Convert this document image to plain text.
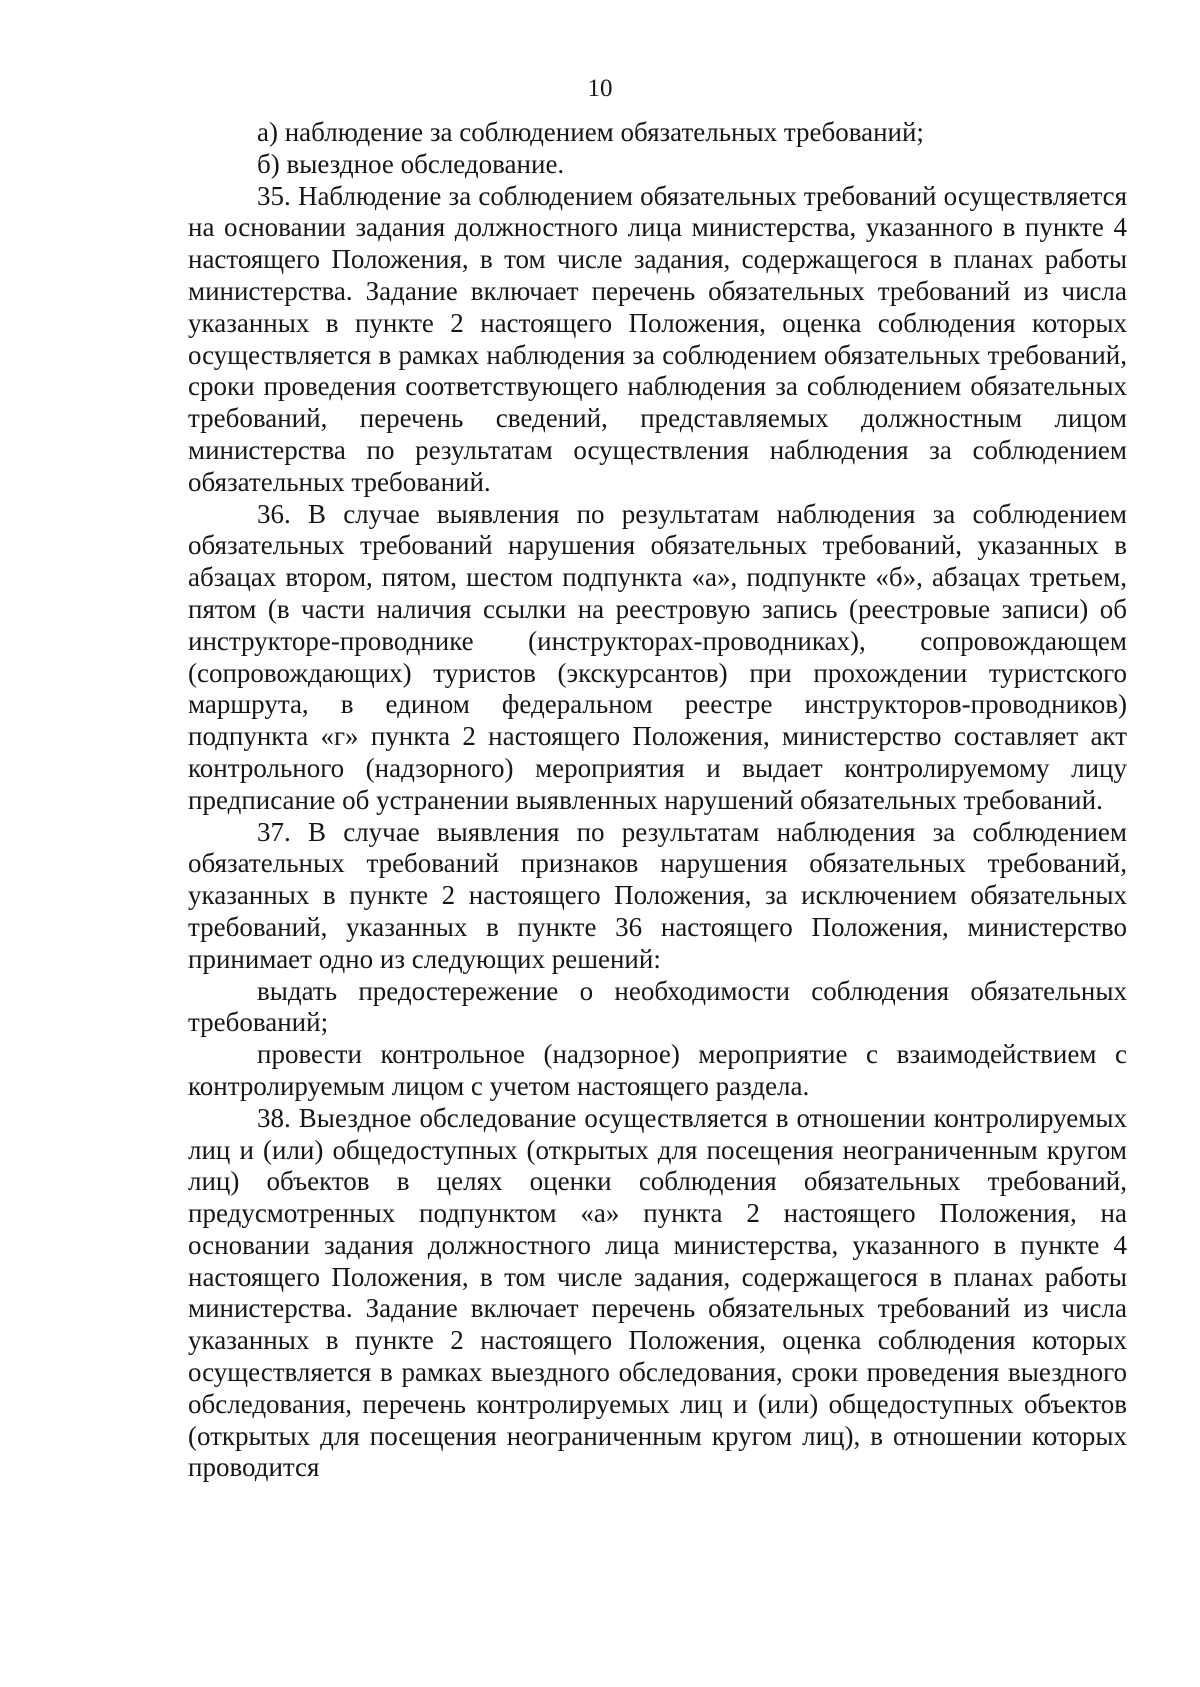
10

а) наблюдение за соблюдением обязательных требований;

б) выездное обследование.

35. Наблюдение за соблюдением обязательных требований осуществляется на основании задания должностного лица министерства, указанного в пункте 4 настоящего Положения, в том числе задания, содержащегося в планах работы министерства. Задание включает перечень обязательных требований из числа указанных в пункте 2 настоящего Положения, оценка соблюдения которых осуществляется в рамках наблюдения за соблюдением обязательных требований, сроки проведения соответствующего наблюдения за соблюдением обязательных требований, перечень сведений, представляемых должностным лицом министерства по результатам осуществления наблюдения за соблюдением обязательных требований.

36. В случае выявления по результатам наблюдения за соблюдением обязательных требований нарушения обязательных требований, указанных в абзацах втором, пятом, шестом подпункта «а», подпункте «б», абзацах третьем, пятом (в части наличия ссылки на реестровую запись (реестровые записи) об инструкторе-проводнике (инструкторах-проводниках), сопровождающем (сопровождающих) туристов (экскурсантов) при прохождении туристского маршрута, в едином федеральном реестре инструкторов-проводников) подпункта «г» пункта 2 настоящего Положения, министерство составляет акт контрольного (надзорного) мероприятия и выдает контролируемому лицу предписание об устранении выявленных нарушений обязательных требований.

37. В случае выявления по результатам наблюдения за соблюдением обязательных требований признаков нарушения обязательных требований, указанных в пункте 2 настоящего Положения, за исключением обязательных требований, указанных в пункте 36 настоящего Положения, министерство принимает одно из следующих решений:

выдать предостережение о необходимости соблюдения обязательных требований;

провести контрольное (надзорное) мероприятие с взаимодействием с контролируемым лицом с учетом настоящего раздела.

38. Выездное обследование осуществляется в отношении контролируемых лиц и (или) общедоступных (открытых для посещения неограниченным кругом лиц) объектов в целях оценки соблюдения обязательных требований, предусмотренных подпунктом «а» пункта 2 настоящего Положения, на основании задания должностного лица министерства, указанного в пункте 4 настоящего Положения, в том числе задания, содержащегося в планах работы министерства. Задание включает перечень обязательных требований из числа указанных в пункте 2 настоящего Положения, оценка соблюдения которых осуществляется в рамках выездного обследования, сроки проведения выездного обследования, перечень контролируемых лиц и (или) общедоступных объектов (открытых для посещения неограниченным кругом лиц), в отношении которых проводится
